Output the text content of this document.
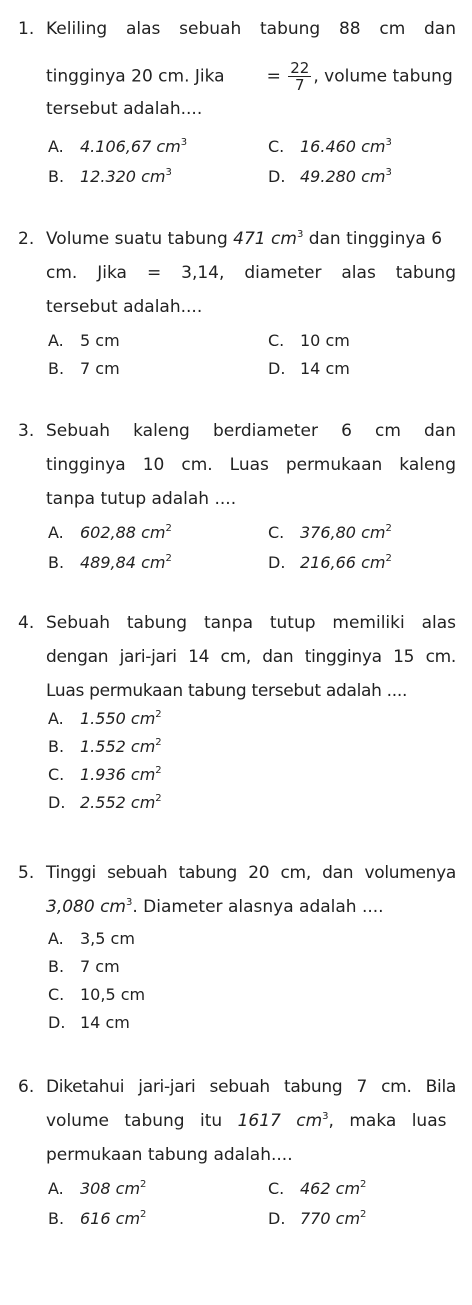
1. Keliling alas sebuah tabung 88 cm dan
tingginya 20 cm. Jika = $\frac{22}{7}$ , volume tabung
tersebut adalah....
A. 4.106,67 $cm^3$	C. 16.460 $cm^3$
B. 12.320 $cm^3$	D. 49.280 $cm^3$
2. Volume suatu tabung 471 $cm^3$ dan tingginya 6
cm. Jika = 3,14, diameter alas tabung
tersebut adalah....
A. 5 cm	C. 10 cm
B. 7 cm	D. 14 cm
3. Sebuah kaleng berdiameter 6 cm dan
tingginya 10 cm. Luas permukaan kaleng
tanpa tutup adalah ....
A. 602,88 $cm^2$	C. 376,80 $cm^2$
B. 489,84 $cm^2$	D. 216,66 $cm^2$
4. Sebuah tabung tanpa tutup memiliki alas
dengan jari-jari 14 cm, dan tingginya 15 cm.
Luas permukaan tabung tersebut adalah ....
A. 1.550 $cm^2$
B. 1.552 $cm^2$
C. 1.936 $cm^2$
D. 2.552 $cm^2$
5. Tinggi sebuah tabung 20 cm, dan volumenya
3,080 $cm^3$. Diameter alasnya adalah ....
A. 3,5 cm
B. 7 cm
C. 10,5 cm
D. 14 cm
6. Diketahui jari-jari sebuah tabung 7 cm. Bila
volume tabung itu 1617 $cm^3$, maka luas
permukaan tabung adalah....
A. 308 $cm^2$	C. 462 $cm^2$
B. 616 $cm^2$	D. 770 $cm^2$
